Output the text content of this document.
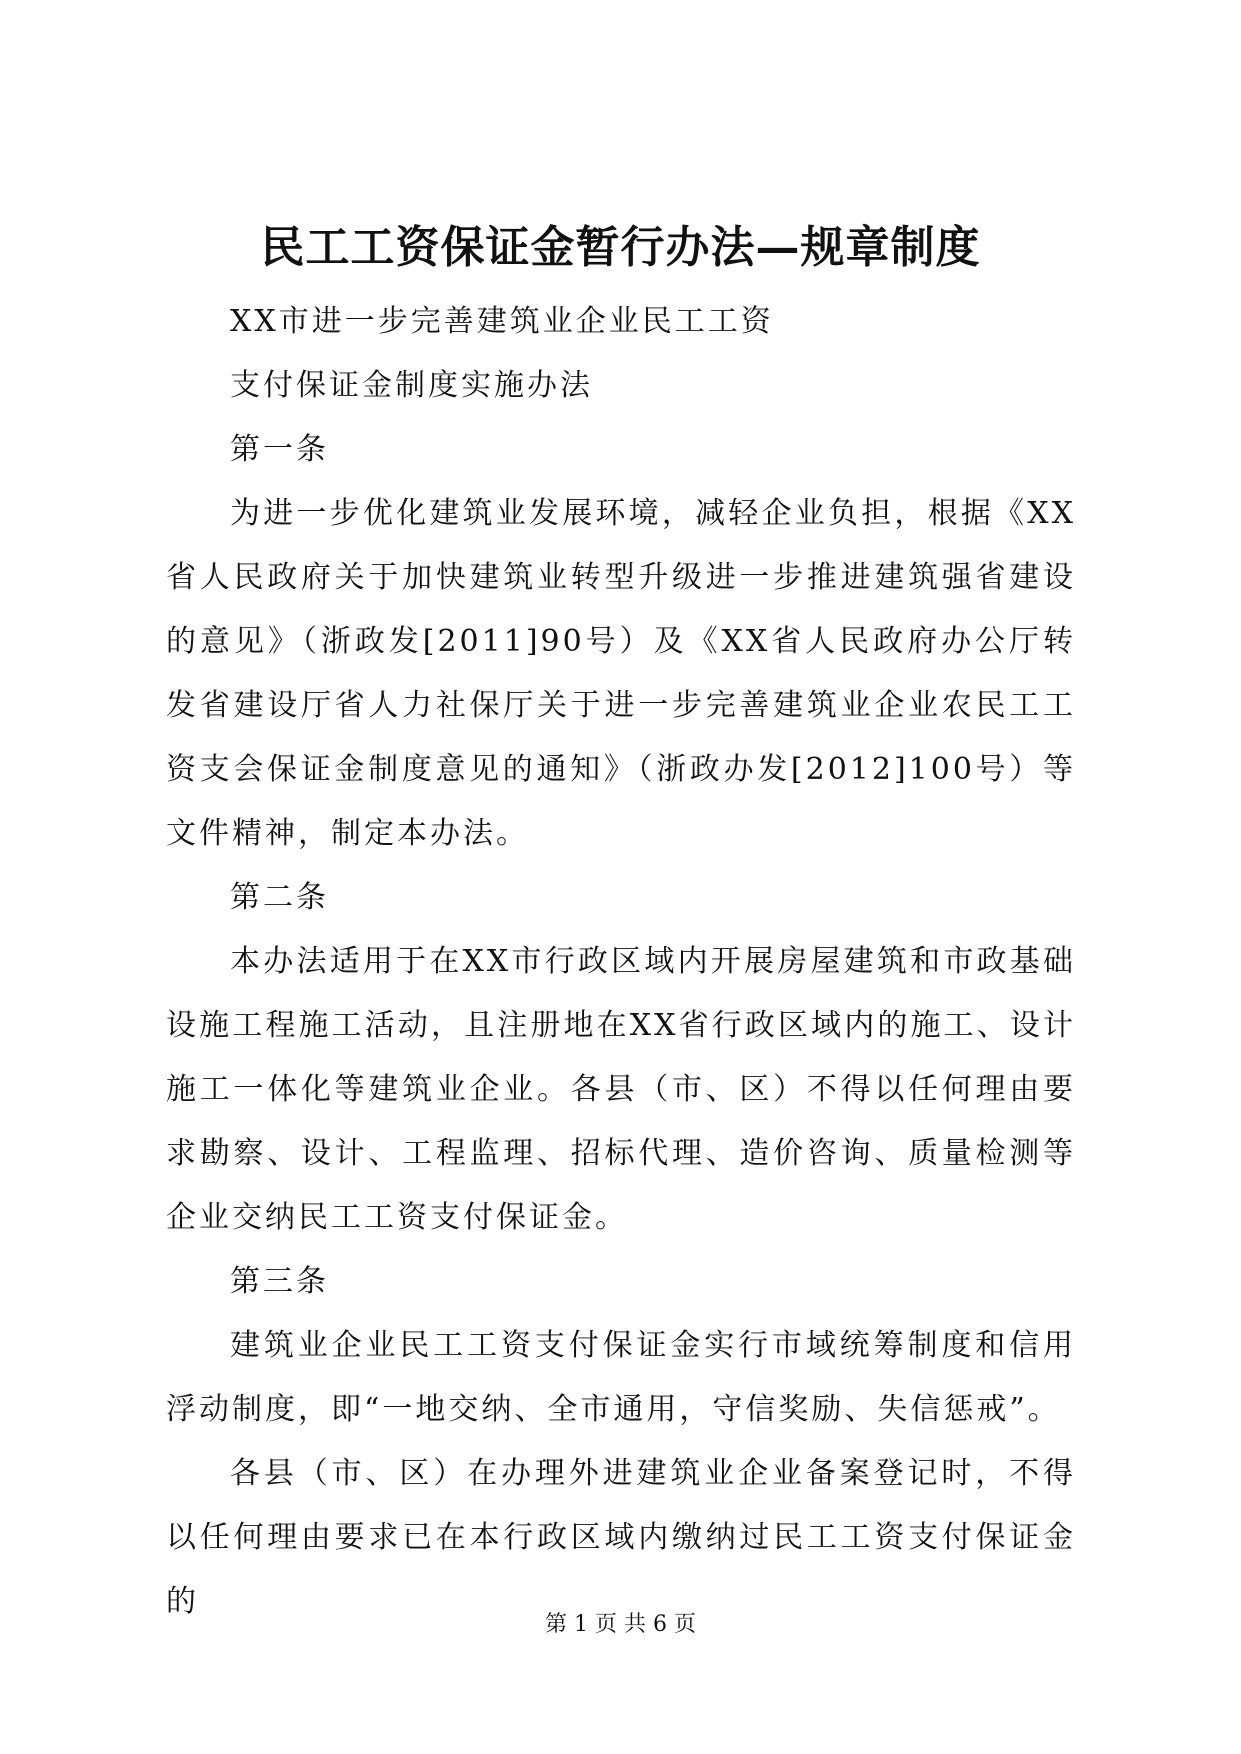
民工工资保证金暂行办法—规章制度

XX市进一步完善建筑业企业民工工资

支付保证金制度实施办法

第一条

为进一步优化建筑业发展环境，减轻企业负担，根据《XX省人民政府关于加快建筑业转型升级进一步推进建筑强省建设的意见》（浙政发[2011]90号）及《XX省人民政府办公厅转发省建设厅省人力社保厅关于进一步完善建筑业企业农民工工资支会保证金制度意见的通知》（浙政办发[2012]100号）等文件精神，制定本办法。

第二条

本办法适用于在XX市行政区域内开展房屋建筑和市政基础设施工程施工活动，且注册地在XX省行政区域内的施工、设计施工一体化等建筑业企业。各县（市、区）不得以任何理由要求勘察、设计、工程监理、招标代理、造价咨询、质量检测等企业交纳民工工资支付保证金。

第三条

建筑业企业民工工资支付保证金实行市域统筹制度和信用浮动制度，即“一地交纳、全市通用，守信奖励、失信惩戒”。

各县（市、区）在办理外进建筑业企业备案登记时，不得以任何理由要求已在本行政区域内缴纳过民工工资支付保证金的

第 1 页 共 6 页
